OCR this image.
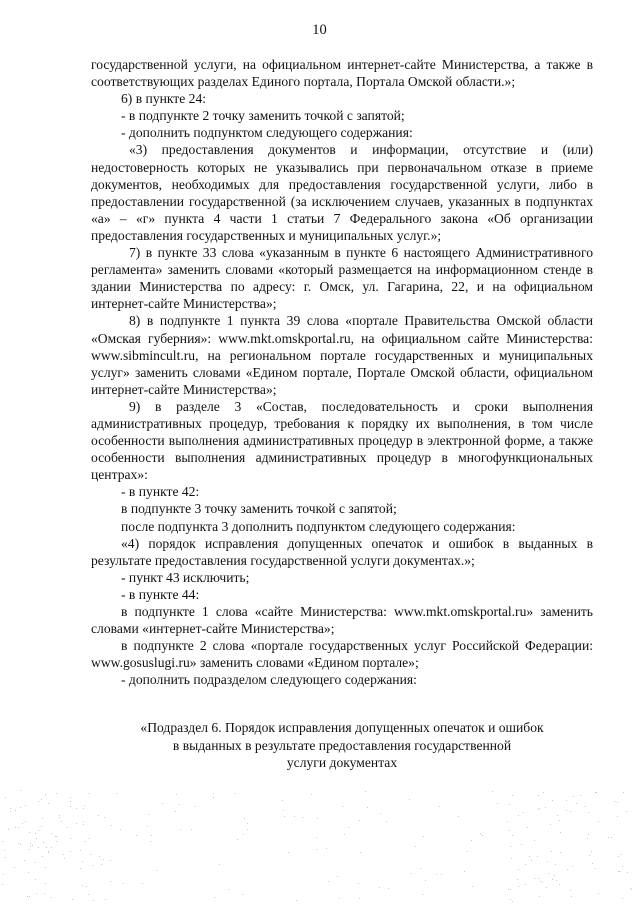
10

государственной услуги, на официальном интернет-сайте Министерства, а также в соответствующих разделах Единого портала, Портала Омской области.»;

6) в пункте 24:

- в подпункте 2 точку заменить точкой с запятой;

- дополнить подпунктом следующего содержания:

«3) предоставления документов и информации, отсутствие и (или) недостоверность которых не указывались при первоначальном отказе в приеме документов, необходимых для предоставления государственной услуги, либо в предоставлении государственной (за исключением случаев, указанных в подпунктах «а» – «г» пункта 4 части 1 статьи 7 Федерального закона «Об организации предоставления государственных и муниципальных услуг.»;

7) в пункте 33 слова «указанным в пункте 6 настоящего Административного регламента» заменить словами «который размещается на информационном стенде в здании Министерства по адресу: г. Омск, ул. Гагарина, 22, и на официальном интернет-сайте Министерства»;

8) в подпункте 1 пункта 39 слова «портале Правительства Омской области «Омская губерния»: www.mkt.omskportal.ru, на официальном сайте Министерства: www.sibmincult.ru, на региональном портале государственных и муниципальных услуг» заменить словами «Едином портале, Портале Омской области, официальном интернет-сайте Министерства»;

9) в разделе 3 «Состав, последовательность и сроки выполнения административных процедур, требования к порядку их выполнения, в том числе особенности выполнения административных процедур в электронной форме, а также особенности выполнения административных процедур в многофункциональных центрах»:

- в пункте 42:

в подпункте 3 точку заменить точкой с запятой;

после подпункта 3 дополнить подпунктом следующего содержания:

«4) порядок исправления допущенных опечаток и ошибок в выданных в результате предоставления государственной услуги документах.»;

- пункт 43 исключить;

- в пункте 44:

в подпункте 1 слова «сайте Министерства: www.mkt.omskportal.ru» заменить словами «интернет-сайте Министерства»;

в подпункте 2 слова «портале государственных услуг Российской Федерации: www.gosuslugi.ru» заменить словами «Едином портале»;

- дополнить подразделом следующего содержания:

«Подраздел 6. Порядок исправления допущенных опечаток и ошибок
в выданных в результате предоставления государственной
услуги документах
